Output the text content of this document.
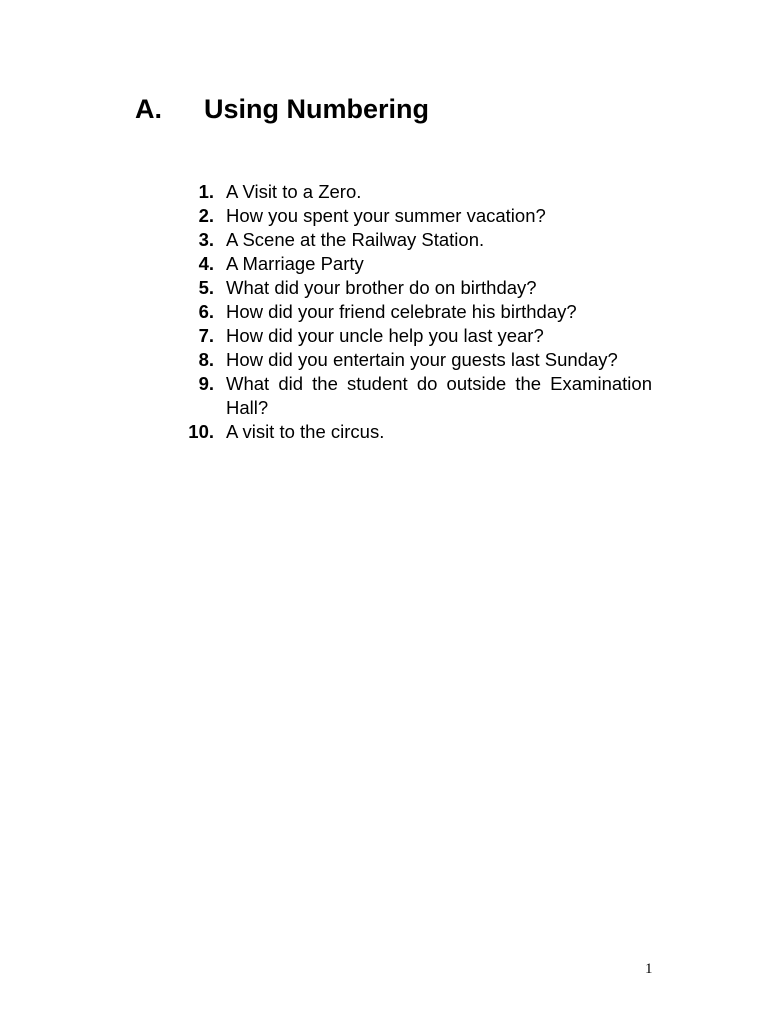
A. Using Numbering
1. A Visit to a Zero.
2. How you spent your summer vacation?
3. A Scene at the Railway Station.
4. A Marriage Party
5. What did your brother do on birthday?
6. How did your friend celebrate his birthday?
7. How did your uncle help you last year?
8. How did you entertain your guests last Sunday?
9. What did the student do outside the Examination Hall?
10. A visit to the circus.
1
